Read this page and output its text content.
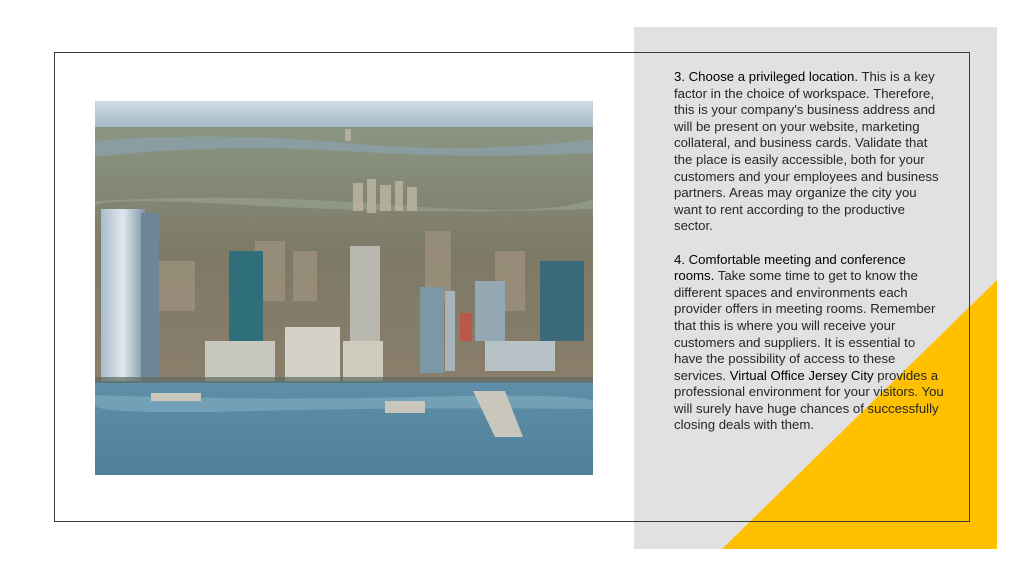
3. Choose a privileged location. This is a key factor in the choice of workspace. Therefore, this is your company's business address and will be present on your website, marketing collateral, and business cards. Validate that the place is easily accessible, both for your customers and your employees and business partners. Areas may organize the city you want to rent according to the productive sector.

4. Comfortable meeting and conference rooms. Take some time to get to know the different spaces and environments each provider offers in meeting rooms. Remember that this is where you will receive your customers and suppliers. It is essential to have the possibility of access to these services. Virtual Office Jersey City provides a professional environment for your visitors. You will surely have huge chances of successfully closing deals with them.
